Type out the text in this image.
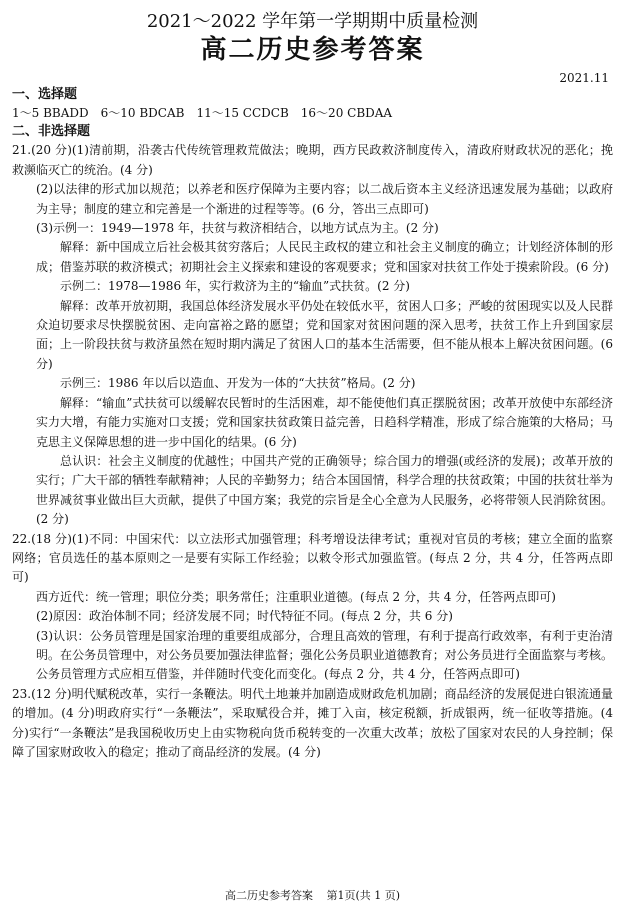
2021～2022 学年第一学期期中质量检测
高二历史参考答案
2021.11

一、选择题

1～5 BBADD　6～10 BDCAB　11～15 CCDCB　16～20 CBDAA

二、非选择题

21.(20 分)(1)清前期，沿袭古代传统管理救荒做法；晚期，西方民政救济制度传入，清政府财政状况的恶化；挽救濒临灭亡的统治。(4 分)

(2)以法律的形式加以规范；以养老和医疗保障为主要内容；以二战后资本主义经济迅速发展为基础；以政府为主导；制度的建立和完善是一个渐进的过程等等。(6 分，答出三点即可)

(3)示例一：1949—1978 年，扶贫与救济相结合，以地方试点为主。(2 分)

解释：新中国成立后社会极其贫穷落后；人民民主政权的建立和社会主义制度的确立；计划经济体制的形成；借鉴苏联的救济模式；初期社会主义探索和建设的客观要求；党和国家对扶贫工作处于摸索阶段。(6 分)

示例二：1978—1986 年，实行救济为主的“输血”式扶贫。(2 分)

解释：改革开放初期，我国总体经济发展水平仍处在较低水平，贫困人口多；严峻的贫困现实以及人民群众迫切要求尽快摆脱贫困、走向富裕之路的愿望；党和国家对贫困问题的深入思考，扶贫工作上升到国家层面；上一阶段扶贫与救济虽然在短时期内满足了贫困人口的基本生活需要，但不能从根本上解决贫困问题。(6 分)

示例三：1986 年以后以造血、开发为一体的“大扶贫”格局。(2 分)

解释：“输血”式扶贫可以缓解农民暂时的生活困难，却不能使他们真正摆脱贫困；改革开放使中东部经济实力大增，有能力实施对口支援；党和国家扶贫政策日益完善，日趋科学精准，形成了综合施策的大格局；马克思主义保障思想的进一步中国化的结果。(6 分)

总认识：社会主义制度的优越性；中国共产党的正确领导；综合国力的增强(或经济的发展)；改革开放的实行；广大干部的牺牲奉献精神；人民的辛勤努力；结合本国国情，科学合理的扶贫政策；中国的扶贫壮举为世界减贫事业做出巨大贡献，提供了中国方案；我党的宗旨是全心全意为人民服务，必将带领人民消除贫困。(2 分)

22.(18 分)(1)不同：中国宋代：以立法形式加强管理；科考增设法律考试；重视对官员的考核；建立全面的监察网络；官员选任的基本原则之一是要有实际工作经验；以敕令形式加强监管。(每点 2 分，共 4 分，任答两点即可)

西方近代：统一管理；职位分类；职务常任；注重职业道德。(每点 2 分，共 4 分，任答两点即可)

(2)原因：政治体制不同；经济发展不同；时代特征不同。(每点 2 分，共 6 分)

(3)认识：公务员管理是国家治理的重要组成部分，合理且高效的管理，有利于提高行政效率，有利于吏治清明。在公务员管理中，对公务员要加强法律监督；强化公务员职业道德教育；对公务员进行全面监察与考核。公务员管理方式应相互借鉴，并伴随时代变化而变化。(每点 2 分，共 4 分，任答两点即可)

23.(12 分)明代赋税改革，实行一条鞭法。明代土地兼并加剧造成财政危机加剧；商品经济的发展促进白银流通量的增加。(4 分)明政府实行“一条鞭法”，采取赋役合并，摊丁入亩，核定税额，折成银两，统一征收等措施。(4 分)实行“一条鞭法”是我国税收历史上由实物税向货币税转变的一次重大改革；放松了国家对农民的人身控制；保障了国家财政收入的稳定；推动了商品经济的发展。(4 分)

高二历史参考答案 第1页(共 1 页)
